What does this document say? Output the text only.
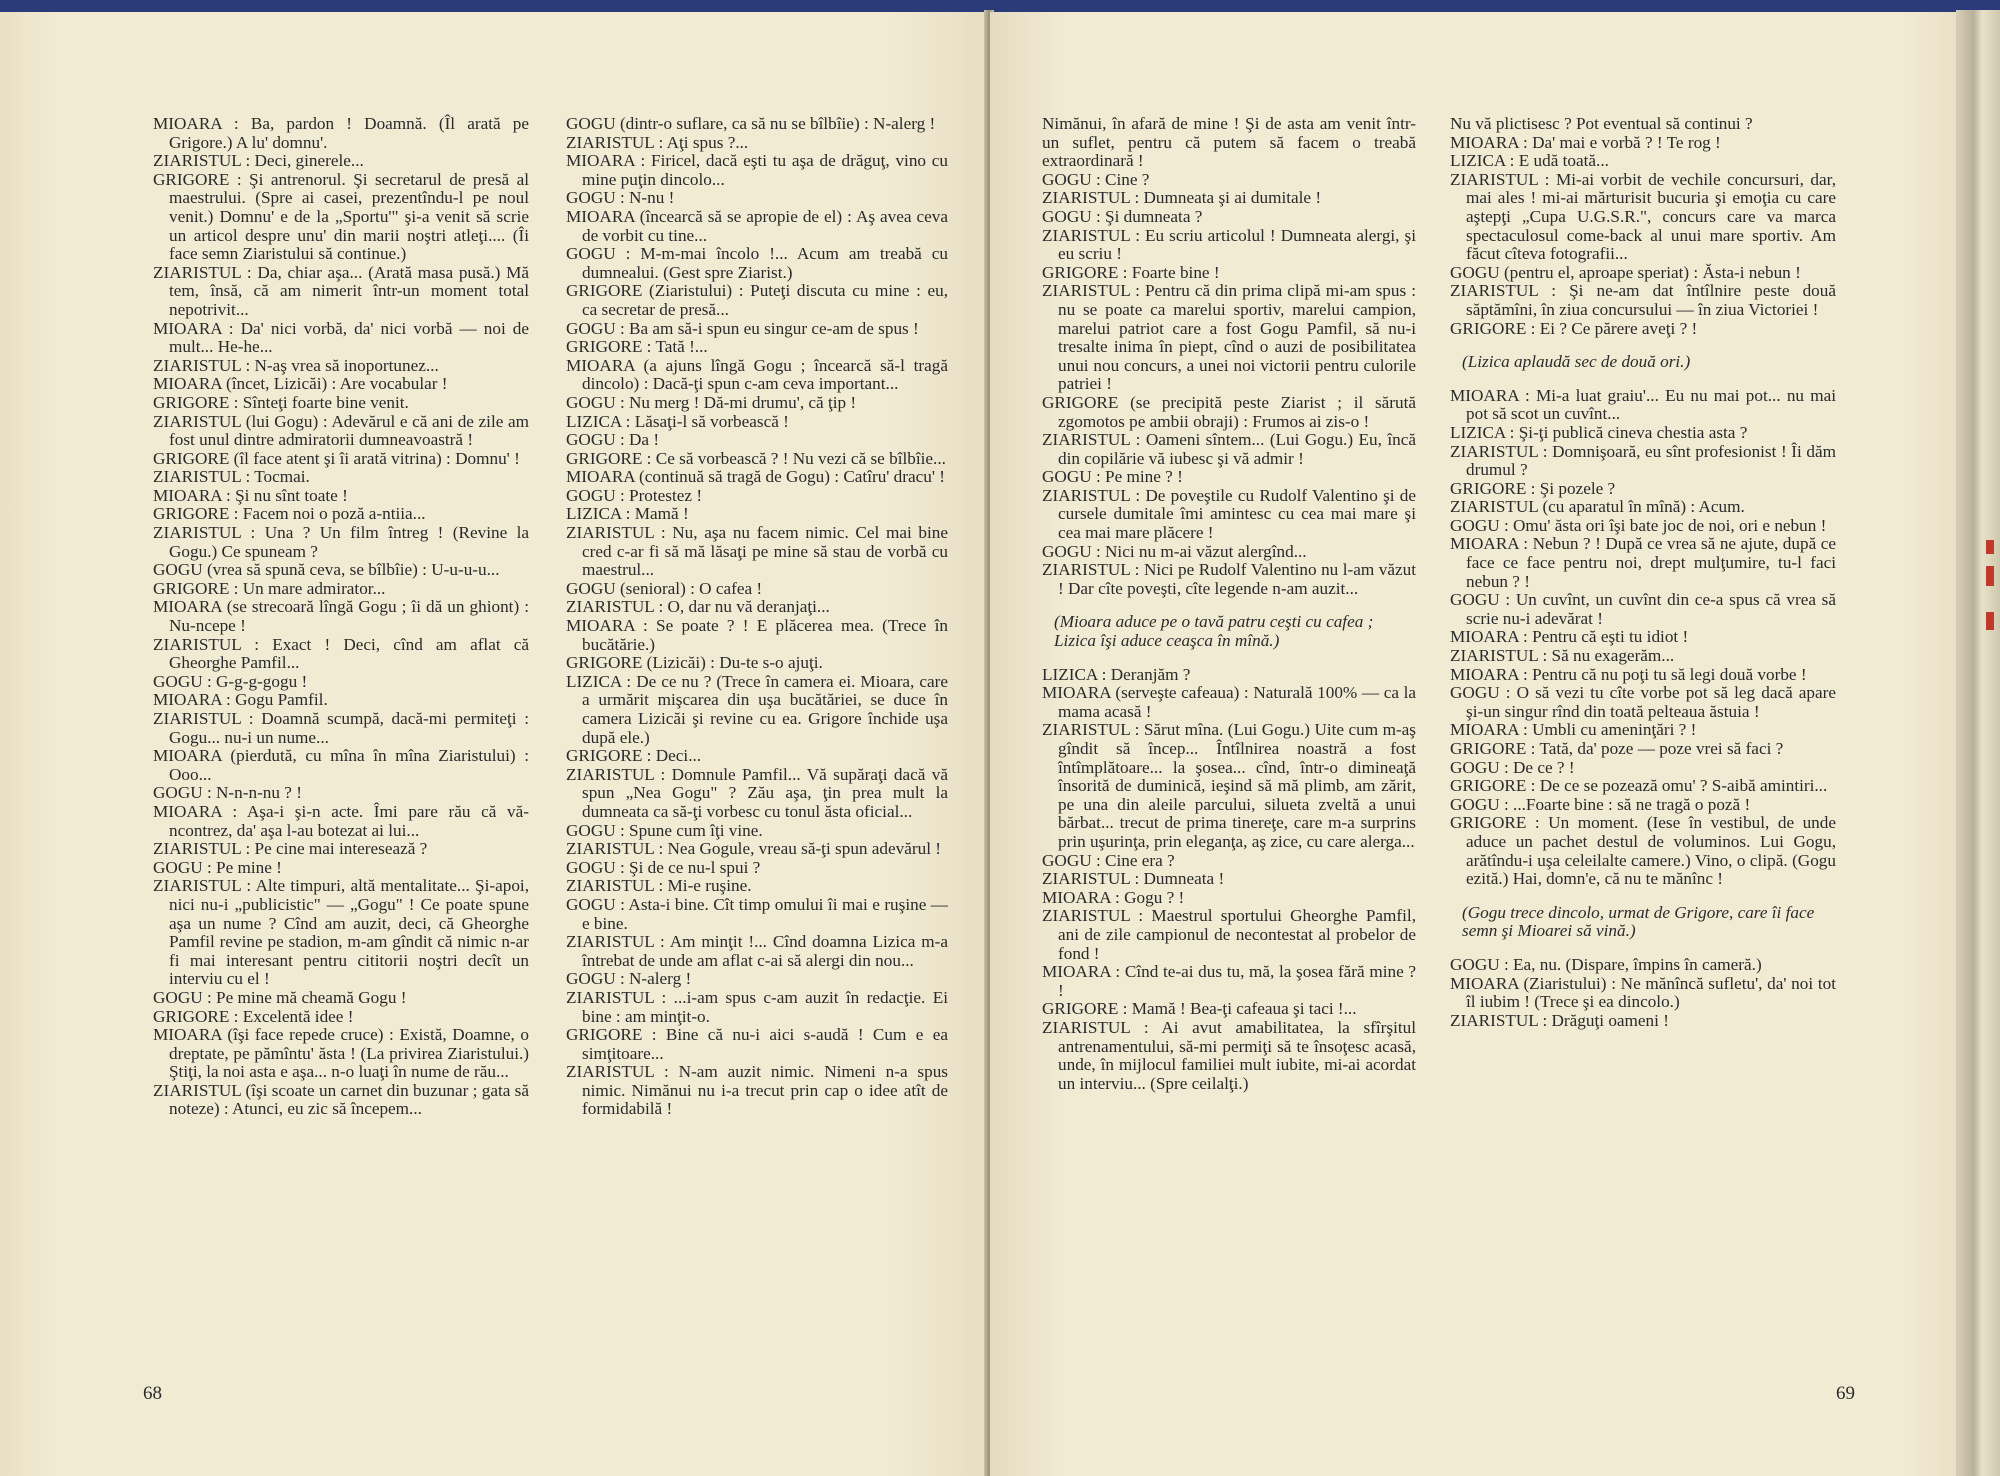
MIOARA : Ba, pardon ! Doamnă. (Îl arată pe Grigore.) A lu' domnu'.

ZIARISTUL : Deci, ginerele...

GRIGORE : Şi antrenorul. Şi secretarul de presă al maestrului. (Spre ai casei, prezentîndu-l pe noul venit.) Domnu' e de la „Sportu'" şi-a venit să scrie un articol despre unu' din marii noştri atleţi.... (Îi face semn Ziaristului să continue.)

ZIARISTUL : Da, chiar aşa... (Arată masa pusă.) Mă tem, însă, că am nimerit într-un moment total nepotrivit...

MIOARA : Da' nici vorbă, da' nici vorbă — noi de mult... He-he...

ZIARISTUL : N-aş vrea să inoportunez...

MIOARA (încet, Lizicăi) : Are vocabular !

GRIGORE : Sînteţi foarte bine venit.

ZIARISTUL (lui Gogu) : Adevărul e că ani de zile am fost unul dintre admiratorii dumneavoastră !

GRIGORE (îl face atent şi îi arată vitrina) : Domnu' !

ZIARISTUL : Tocmai.

MIOARA : Şi nu sînt toate !

GRIGORE : Facem noi o poză a-ntiia...

ZIARISTUL : Una ? Un film întreg ! (Revine la Gogu.) Ce spuneam ?

GOGU (vrea să spună ceva, se bîlbîie) : U-u-u-u...

GRIGORE : Un mare admirator...

MIOARA (se strecoară lîngă Gogu ; îi dă un ghiont) : Nu-ncepe !

ZIARISTUL : Exact ! Deci, cînd am aflat că Gheorghe Pamfil...

GOGU : G-g-g-gogu !

MIOARA : Gogu Pamfil.

ZIARISTUL : Doamnă scumpă, dacă-mi permiteţi : Gogu... nu-i un nume...

MIOARA (pierdută, cu mîna în mîna Ziaristului) : Ooo...

GOGU : N-n-n-nu ? !

MIOARA : Aşa-i şi-n acte. Îmi pare rău că vă-ncontrez, da' aşa l-au botezat ai lui...

ZIARISTUL : Pe cine mai interesează ?

GOGU : Pe mine !

ZIARISTUL : Alte timpuri, altă mentalitate... Şi-apoi, nici nu-i „publicistic" — „Gogu" ! Ce poate spune aşa un nume ? Cînd am auzit, deci, că Gheorghe Pamfil revine pe stadion, m-am gîndit că nimic n-ar fi mai interesant pentru cititorii noştri decît un interviu cu el !

GOGU : Pe mine mă cheamă Gogu !

GRIGORE : Excelentă idee !

MIOARA (îşi face repede cruce) : Există, Doamne, o dreptate, pe pămîntu' ăsta ! (La privirea Ziaristului.) Ştiţi, la noi asta e aşa... n-o luaţi în nume de rău...

ZIARISTUL (îşi scoate un carnet din buzunar ; gata să noteze) : Atunci, eu zic să începem...

GOGU (dintr-o suflare, ca să nu se bîlbîie) : N-alerg !

ZIARISTUL : Aţi spus ?...

MIOARA : Firicel, dacă eşti tu aşa de drăguţ, vino cu mine puţin dincolo...

GOGU : N-nu !

MIOARA (încearcă să se apropie de el) : Aş avea ceva de vorbit cu tine...

GOGU : M-m-mai încolo !... Acum am treabă cu dumnealui. (Gest spre Ziarist.)

GRIGORE (Ziaristului) : Puteţi discuta cu mine : eu, ca secretar de presă...

GOGU : Ba am să-i spun eu singur ce-am de spus !

GRIGORE : Tată !...

MIOARA (a ajuns lîngă Gogu ; încearcă să-l tragă dincolo) : Dacă-ţi spun c-am ceva important...

GOGU : Nu merg ! Dă-mi drumu', că ţip !

LIZICA : Lăsaţi-l să vorbească !

GOGU : Da !

GRIGORE : Ce să vorbească ? ! Nu vezi că se bîlbîie...

MIOARA (continuă să tragă de Gogu) : Catîru' dracu' !

GOGU : Protestez !

LIZICA : Mamă !

ZIARISTUL : Nu, aşa nu facem nimic. Cel mai bine cred c-ar fi să mă lăsaţi pe mine să stau de vorbă cu maestrul...

GOGU (senioral) : O cafea !

ZIARISTUL : O, dar nu vă deranjaţi...

MIOARA : Se poate ? ! E plăcerea mea. (Trece în bucătărie.)

GRIGORE (Lizicăi) : Du-te s-o ajuţi.

LIZICA : De ce nu ? (Trece în camera ei. Mioara, care a urmărit mişcarea din uşa bucătăriei, se duce în camera Lizicăi şi revine cu ea. Grigore închide uşa după ele.)

GRIGORE : Deci...

ZIARISTUL : Domnule Pamfil... Vă supăraţi dacă vă spun „Nea Gogu" ? Zău aşa, ţin prea mult la dumneata ca să-ţi vorbesc cu tonul ăsta oficial...

GOGU : Spune cum îţi vine.

ZIARISTUL : Nea Gogule, vreau să-ţi spun adevărul !

GOGU : Şi de ce nu-l spui ?

ZIARISTUL : Mi-e ruşine.

GOGU : Asta-i bine. Cît timp omului îi mai e ruşine — e bine.

ZIARISTUL : Am minţit !... Cînd doamna Lizica m-a întrebat de unde am aflat c-ai să alergi din nou...

GOGU : N-alerg !

ZIARISTUL : ...i-am spus c-am auzit în redacţie. Ei bine : am minţit-o.

GRIGORE : Bine că nu-i aici s-audă ! Cum e ea simţitoare...

ZIARISTUL : N-am auzit nimic. Nimeni n-a spus nimic. Nimănui nu i-a trecut prin cap o idee atît de formidabilă !

68

Nimănui, în afară de mine ! Şi de asta am venit într-un suflet, pentru că putem să facem o treabă extraordinară !

GOGU : Cine ?

ZIARISTUL : Dumneata şi ai dumitale !

GOGU : Şi dumneata ?

ZIARISTUL : Eu scriu articolul ! Dumneata alergi, şi eu scriu !

GRIGORE : Foarte bine !

ZIARISTUL : Pentru că din prima clipă mi-am spus : nu se poate ca marelui sportiv, marelui campion, marelui patriot care a fost Gogu Pamfil, să nu-i tresalte inima în piept, cînd o auzi de posibilitatea unui nou concurs, a unei noi victorii pentru culorile patriei !

GRIGORE (se precipită peste Ziarist ; il sărută zgomotos pe ambii obraji) : Frumos ai zis-o !

ZIARISTUL : Oameni sîntem... (Lui Gogu.) Eu, încă din copilărie vă iubesc şi vă admir !

GOGU : Pe mine ? !

ZIARISTUL : De poveştile cu Rudolf Valentino şi de cursele dumitale îmi amintesc cu cea mai mare şi cea mai mare plăcere !

GOGU : Nici nu m-ai văzut alergînd...

ZIARISTUL : Nici pe Rudolf Valentino nu l-am văzut ! Dar cîte poveşti, cîte legende n-am auzit...

(Mioara aduce pe o tavă patru ceşti cu cafea ; Lizica îşi aduce ceaşca în mînă.)

LIZICA : Deranjăm ?

MIOARA (serveşte cafeaua) : Naturală 100% — ca la mama acasă !

ZIARISTUL : Sărut mîna. (Lui Gogu.) Uite cum m-aş gîndit să încep... Întîlnirea noastră a fost întîmplătoare... la şosea... cînd, într-o dimineaţă însorită de duminică, ieşind să mă plimb, am zărit, pe una din aleile parcului, silueta zveltă a unui bărbat... trecut de prima tinereţe, care m-a surprins prin uşurinţa, prin eleganţa, aş zice, cu care alerga...

GOGU : Cine era ?

ZIARISTUL : Dumneata !

MIOARA : Gogu ? !

ZIARISTUL : Maestrul sportului Gheorghe Pamfil, ani de zile campionul de necontestat al probelor de fond !

MIOARA : Cînd te-ai dus tu, mă, la şosea fără mine ? !

GRIGORE : Mamă ! Bea-ţi cafeaua şi taci !...

ZIARISTUL : Ai avut amabilitatea, la sfîrşitul antrenamentului, să-mi permiţi să te însoţesc acasă, unde, în mijlocul familiei mult iubite, mi-ai acordat un interviu... (Spre ceilalţi.)

Nu vă plictisesc ? Pot eventual să continui ?

MIOARA : Da' mai e vorbă ? ! Te rog !

LIZICA : E udă toată...

ZIARISTUL : Mi-ai vorbit de vechile concursuri, dar, mai ales ! mi-ai mărturisit bucuria şi emoţia cu care aştepţi „Cupa U.G.S.R.", concurs care va marca spectaculosul come-back al unui mare sportiv. Am făcut cîteva fotografii...

GOGU (pentru el, aproape speriat) : Ăsta-i nebun !

ZIARISTUL : Şi ne-am dat întîlnire peste două săptămîni, în ziua concursului — în ziua Victoriei !

GRIGORE : Ei ? Ce părere aveţi ? !

(Lizica aplaudă sec de două ori.)

MIOARA : Mi-a luat graiu'... Eu nu mai pot... nu mai pot să scot un cuvînt...

LIZICA : Şi-ţi publică cineva chestia asta ?

ZIARISTUL : Domnişoară, eu sînt profesionist ! Îi dăm drumul ?

GRIGORE : Şi pozele ?

ZIARISTUL (cu aparatul în mînă) : Acum.

GOGU : Omu' ăsta ori îşi bate joc de noi, ori e nebun !

MIOARA : Nebun ? ! După ce vrea să ne ajute, după ce face ce face pentru noi, drept mulţumire, tu-l faci nebun ? !

GOGU : Un cuvînt, un cuvînt din ce-a spus că vrea să scrie nu-i adevărat !

MIOARA : Pentru că eşti tu idiot !

ZIARISTUL : Să nu exagerăm...

MIOARA : Pentru că nu poţi tu să legi două vorbe !

GOGU : O să vezi tu cîte vorbe pot să leg dacă apare şi-un singur rînd din toată pelteaua ăstuia !

MIOARA : Umbli cu ameninţări ? !

GRIGORE : Tată, da' poze — poze vrei să faci ?

GOGU : De ce ? !

GRIGORE : De ce se pozează omu' ? S-aibă amintiri...

GOGU : ...Foarte bine : să ne tragă o poză !

GRIGORE : Un moment. (Iese în vestibul, de unde aduce un pachet destul de voluminos. Lui Gogu, arătîndu-i uşa celeilalte camere.) Vino, o clipă. (Gogu ezită.) Hai, domn'e, că nu te mănînc !

(Gogu trece dincolo, urmat de Grigore, care îi face semn şi Mioarei să vină.)

GOGU : Ea, nu. (Dispare, împins în cameră.)

MIOARA (Ziaristului) : Ne mănîncă sufletu', da' noi tot îl iubim ! (Trece şi ea dincolo.)

ZIARISTUL : Drăguţi oameni !

69
